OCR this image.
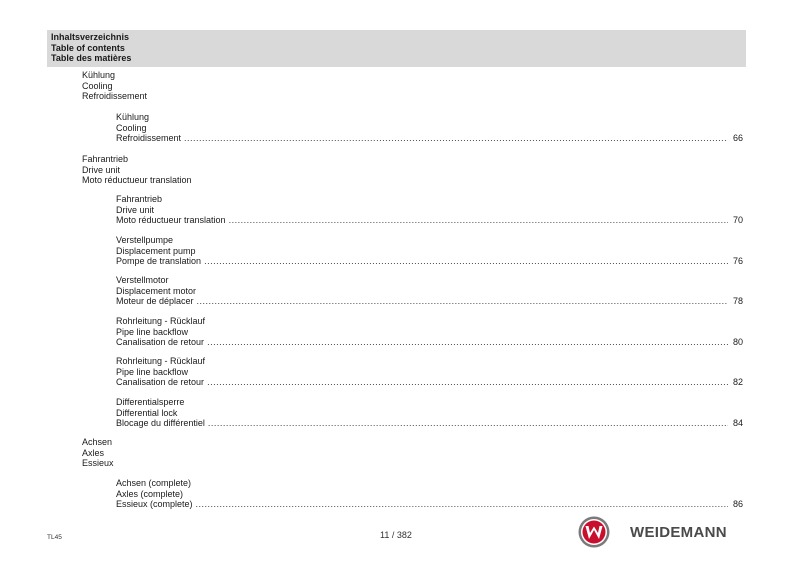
Inhaltsverzeichnis
Table of contents
Table des matières
Kühlung
Cooling
Refroidissement
Kühlung
Cooling
Refroidissement .....	66
Fahrantrieb
Drive unit
Moto réductueur translation
Fahrantrieb
Drive unit
Moto réductueur translation .....	70
Verstellpumpe
Displacement pump
Pompe de translation .....	76
Verstellmotor
Displacement motor
Moteur de déplacer .....	78
Rohrleitung - Rücklauf
Pipe line backflow
Canalisation de retour .....	80
Rohrleitung - Rücklauf
Pipe line backflow
Canalisation de retour .....	82
Differentialsperre
Differential lock
Blocage du différentiel .....	84
Achsen
Axles
Essieux
Achsen (complete)
Axles (complete)
Essieux (complete) .....	86
TL45	11 / 382	WEIDEMANN
